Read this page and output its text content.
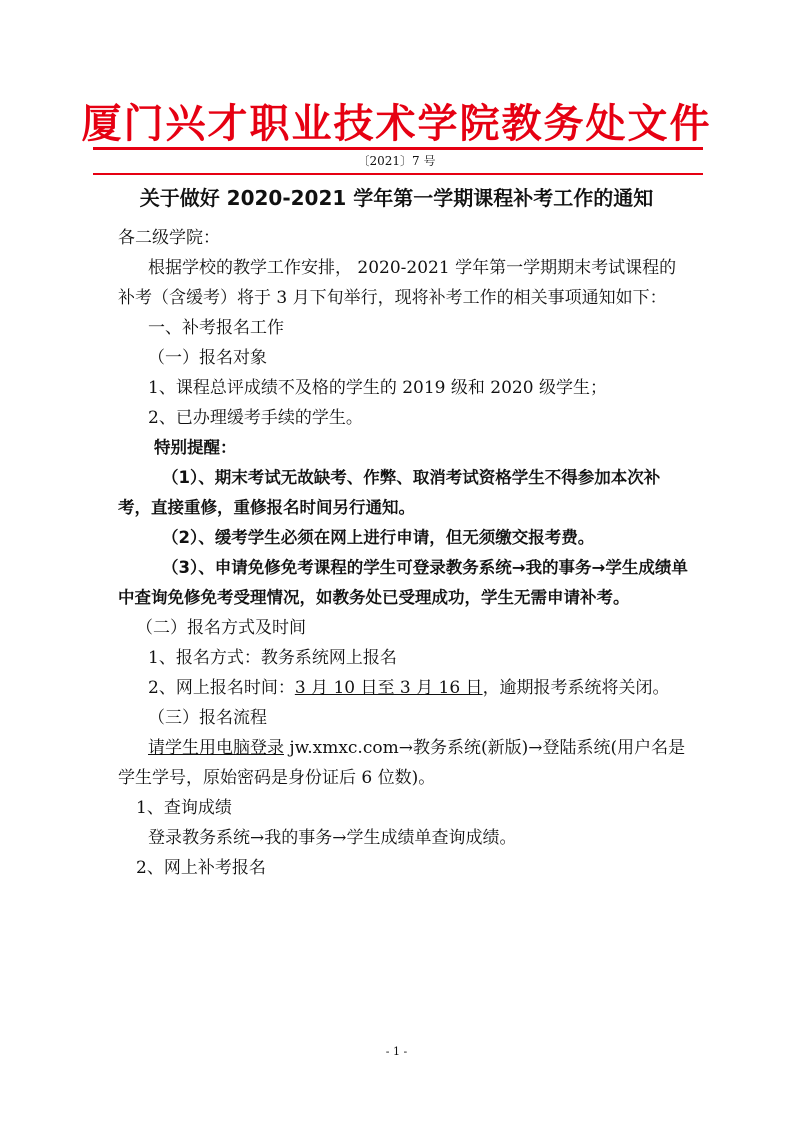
厦门兴才职业技术学院教务处文件
〔2021〕7 号
关于做好 2020-2021 学年第一学期课程补考工作的通知

各二级学院：

根据学校的教学工作安排， 2020-2021 学年第一学期期末考试课程的补考（含缓考）将于 3 月下旬举行，现将补考工作的相关事项通知如下：

一、补考报名工作

（一）报名对象

1、课程总评成绩不及格的学生的 2019 级和 2020 级学生；

2、已办理缓考手续的学生。

特别提醒：

（1）、期末考试无故缺考、作弊、取消考试资格学生不得参加本次补考，直接重修，重修报名时间另行通知。

（2）、缓考学生必须在网上进行申请，但无须缴交报考费。

（3）、申请免修免考课程的学生可登录教务系统→我的事务→学生成绩单中查询免修免考受理情况，如教务处已受理成功，学生无需申请补考。

（二）报名方式及时间

1、报名方式：教务系统网上报名

2、网上报名时间：3 月 10 日至 3 月 16 日，逾期报考系统将关闭。

（三）报名流程

请学生用电脑登录 jw.xmxc.com→教务系统(新版)→登陆系统(用户名是学生学号，原始密码是身份证后 6 位数)。

1、查询成绩

登录教务系统→我的事务→学生成绩单查询成绩。

2、网上补考报名

- 1 -
